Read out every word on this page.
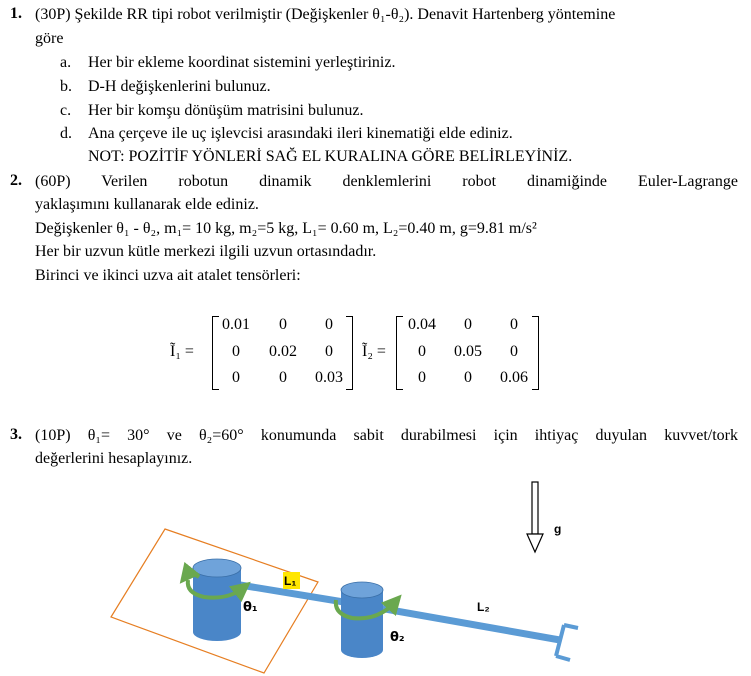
1. (30P) Şekilde RR tipi robot verilmiştir (Değişkenler θ₁-θ₂). Denavit Hartenberg yöntemine
göre
a. Her bir ekleme koordinat sistemini yerleştiriniz.
b. D-H değişkenlerini bulunuz.
c. Her bir komşu dönüşüm matrisini bulunuz.
d. Ana çerçeve ile uç işlevcisi arasındaki ileri kinematiği elde ediniz.
NOT: POZİTİF YÖNLERİ SAĞ EL KURALINA GÖRE BELİRLEYİNİZ.
2. (60P) Verilen robotun dinamik denklemlerini robot dinamiğinde Euler-Lagrange
yaklaşımını kullanarak elde ediniz.
Değişkenler θ₁ - θ₂, m₁= 10 kg, m₂=5 kg, L₁= 0.60 m, L₂=0.40 m, g=9.81 m/s²
Her bir uzvun kütle merkezi ilgili uzvun ortasındadır.
Birinci ve ikinci uzva ait atalet tensörleri:
Ĩ₁ =
0.01	0	0
0	0.02	0
0	0	0.03
Ĩ₂ =
0.04	0	0
0	0.05	0
0	0	0.06
3. (10P) θ₁= 30° ve θ₂=60° konumunda sabit durabilmesi için ihtiyaç duyulan kuvvet/tork
değerlerini hesaplayınız.
g
L₁
L₂
θ₁
θ₂
